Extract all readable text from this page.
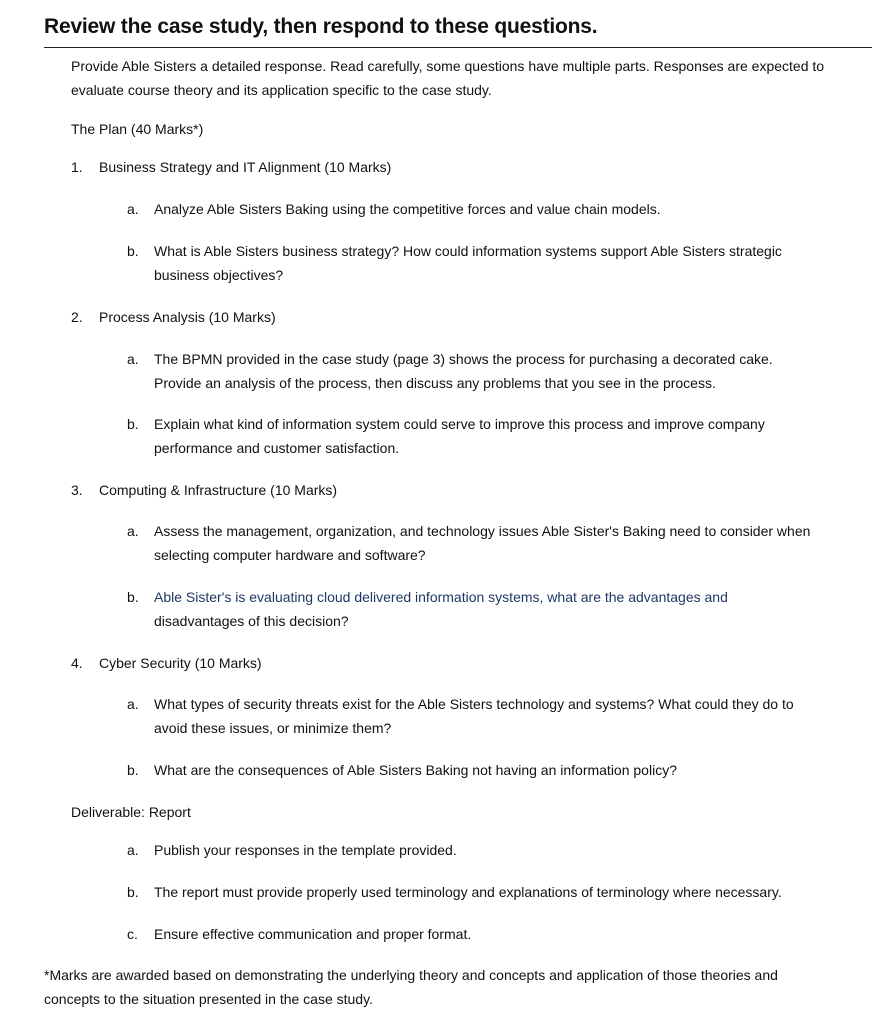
Review the case study, then respond to these questions.
Provide Able Sisters a detailed response. Read carefully, some questions have multiple parts. Responses are expected to evaluate course theory and its application specific to the case study.
The Plan (40 Marks*)
1. Business Strategy and IT Alignment (10 Marks)
a. Analyze Able Sisters Baking using the competitive forces and value chain models.
b. What is Able Sisters business strategy? How could information systems support Able Sisters strategic
business objectives?
2. Process Analysis (10 Marks)
a. The BPMN provided in the case study (page 3) shows the process for purchasing a decorated cake.
Provide an analysis of the process, then discuss any problems that you see in the process.
b. Explain what kind of information system could serve to improve this process and improve company
performance and customer satisfaction.
3. Computing & Infrastructure (10 Marks)
a. Assess the management, organization, and technology issues Able Sister's Baking need to consider when
selecting computer hardware and software?
b. Able Sister's is evaluating cloud delivered information systems, what are the advantages and
disadvantages of this decision?
4. Cyber Security (10 Marks)
a. What types of security threats exist for the Able Sisters technology and systems? What could they do to
avoid these issues, or minimize them?
b. What are the consequences of Able Sisters Baking not having an information policy?
Deliverable: Report
a. Publish your responses in the template provided.
b. The report must provide properly used terminology and explanations of terminology where necessary.
c. Ensure effective communication and proper format.
*Marks are awarded based on demonstrating the underlying theory and concepts and application of those theories and
concepts to the situation presented in the case study.
